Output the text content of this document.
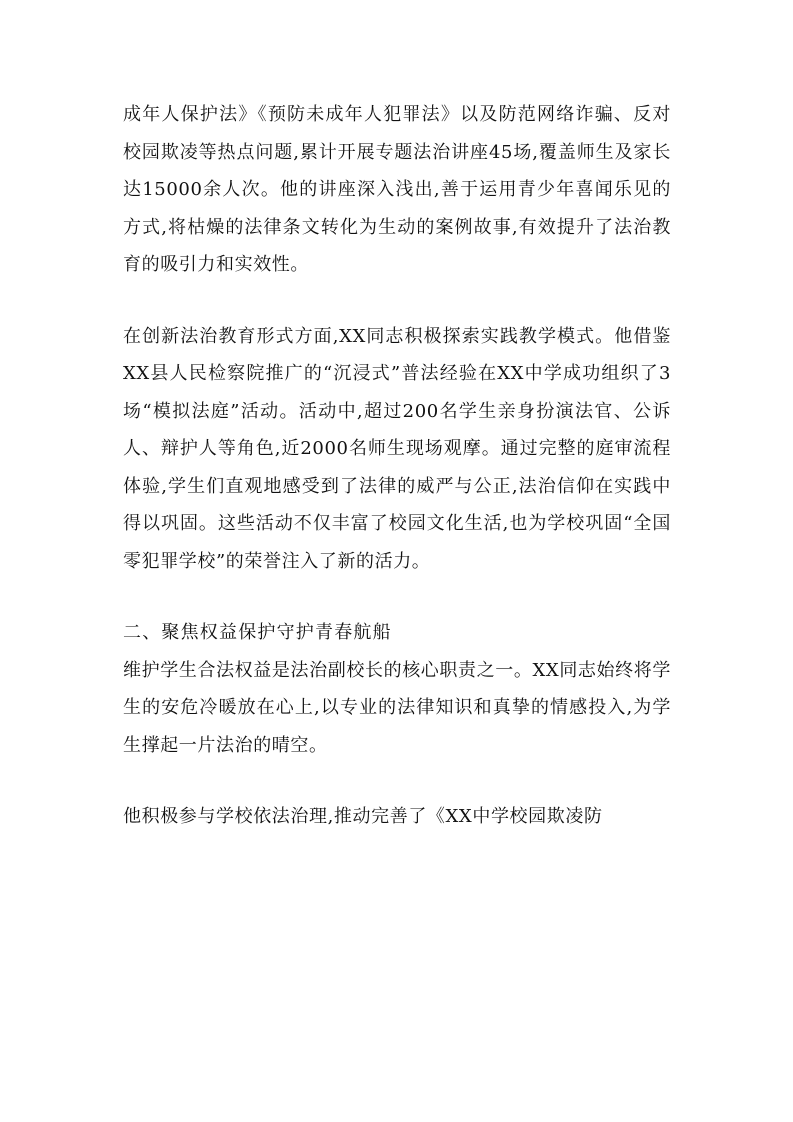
成年人保护法》《预防未成年人犯罪法》以及防范网络诈骗、反对校园欺凌等热点问题,累计开展专题法治讲座45场,覆盖师生及家长达15000余人次。他的讲座深入浅出,善于运用青少年喜闻乐见的方式,将枯燥的法律条文转化为生动的案例故事,有效提升了法治教育的吸引力和实效性。

在创新法治教育形式方面,XX同志积极探索实践教学模式。他借鉴XX县人民检察院推广的“沉浸式”普法经验在XX中学成功组织了3场“模拟法庭”活动。活动中,超过200名学生亲身扮演法官、公诉人、辩护人等角色,近2000名师生现场观摩。通过完整的庭审流程体验,学生们直观地感受到了法律的威严与公正,法治信仰在实践中得以巩固。这些活动不仅丰富了校园文化生活,也为学校巩固“全国零犯罪学校”的荣誉注入了新的活力。

二、聚焦权益保护守护青春航船

维护学生合法权益是法治副校长的核心职责之一。XX同志始终将学生的安危冷暖放在心上,以专业的法律知识和真挚的情感投入,为学生撑起一片法治的晴空。

他积极参与学校依法治理,推动完善了《XX中学校园欺凌防
